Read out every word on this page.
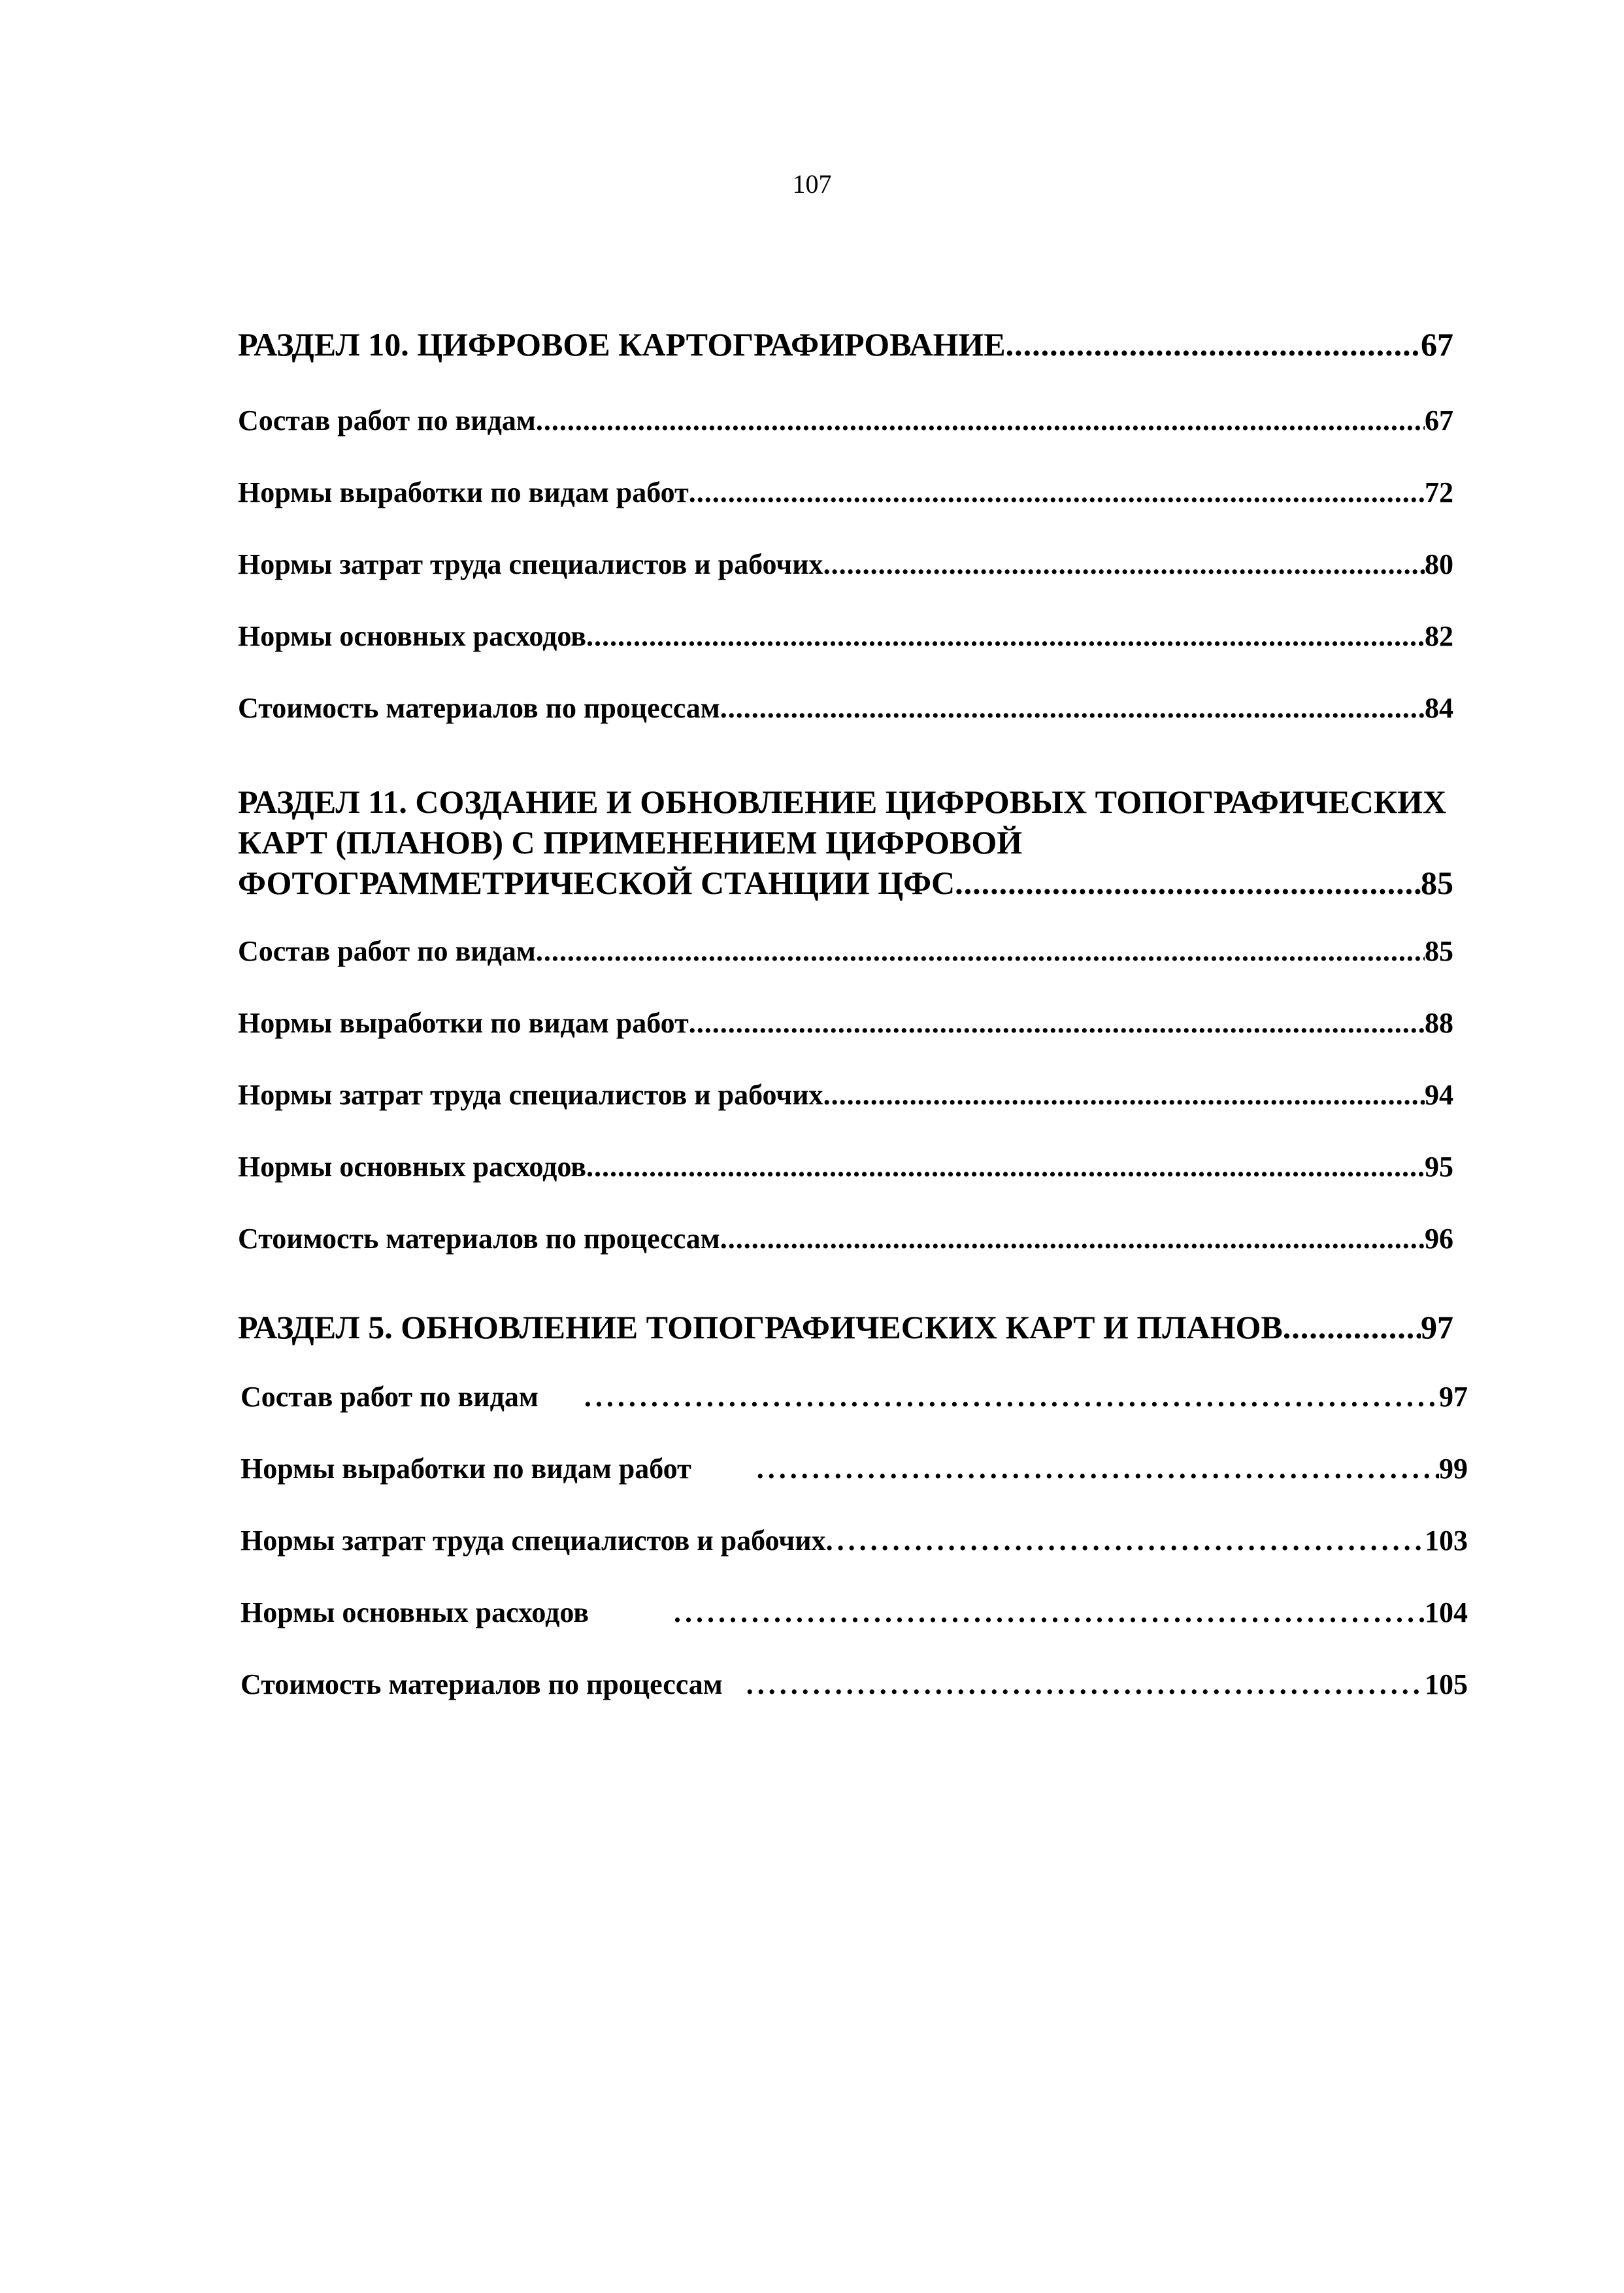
107
РАЗДЕЛ 10. ЦИФРОВОЕ КАРТОГРАФИРОВАНИЕ .....	67
Состав работ по видам .....	67
Нормы выработки по видам работ .....	72
Нормы затрат труда специалистов и рабочих .....	80
Нормы основных расходов .....	82
Стоимость материалов по процессам .....	84
РАЗДЕЛ 11. СОЗДАНИЕ И ОБНОВЛЕНИЕ ЦИФРОВЫХ ТОПОГРАФИЧЕСКИХ
КАРТ (ПЛАНОВ) С ПРИМЕНЕНИЕМ ЦИФРОВОЙ
ФОТОГРАММЕТРИЧЕСКОЙ СТАНЦИИ ЦФС .....	85
Состав работ по видам .....	85
Нормы выработки по видам работ .....	88
Нормы затрат труда специалистов и рабочих .....	94
Нормы основных расходов .....	95
Стоимость материалов по процессам .....	96
РАЗДЕЛ 5. ОБНОВЛЕНИЕ ТОПОГРАФИЧЕСКИХ КАРТ И ПЛАНОВ .....	97
Состав работ по видам .....	97
Нормы выработки по видам работ .....	99
Нормы затрат труда специалистов и рабочих .....	103
Нормы основных расходов .....	104
Стоимость материалов по процессам .....	105
